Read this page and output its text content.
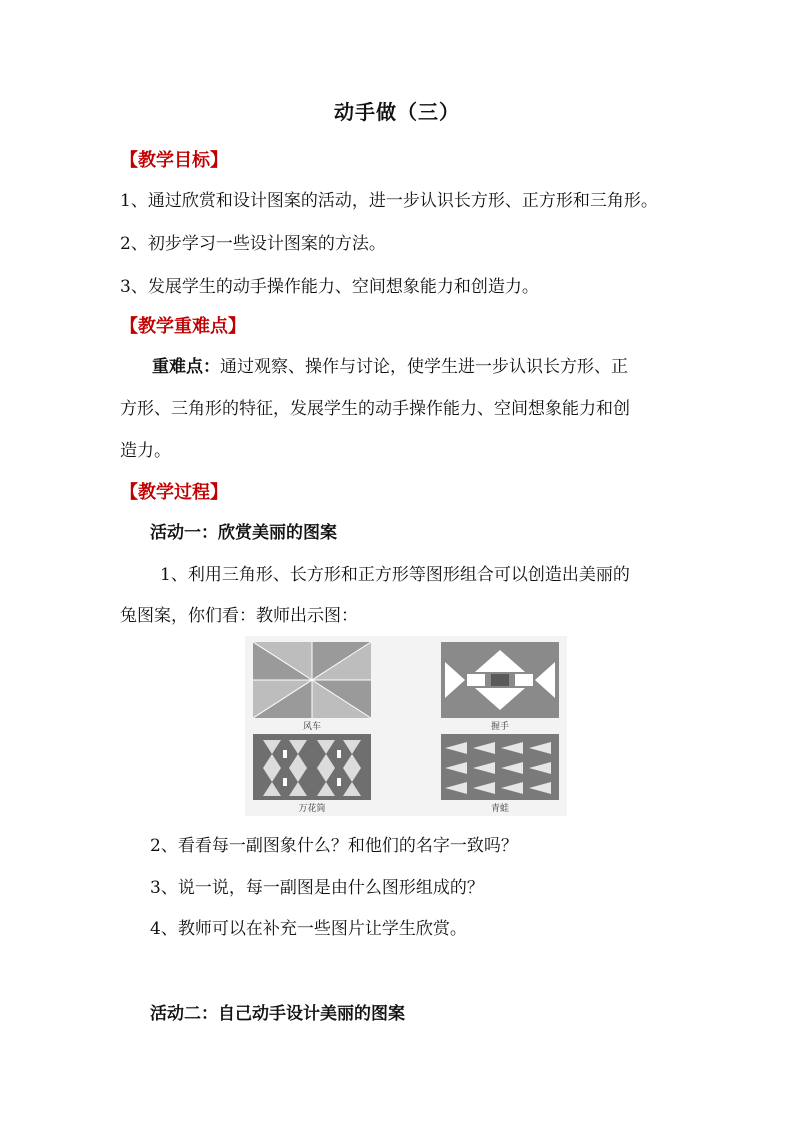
动手做（三）
【教学目标】
1、通过欣赏和设计图案的活动，进一步认识长方形、正方形和三角形。
2、初步学习一些设计图案的方法。
3、发展学生的动手操作能力、空间想象能力和创造力。
【教学重难点】
重难点：通过观察、操作与讨论，使学生进一步认识长方形、正
方形、三角形的特征，发展学生的动手操作能力、空间想象能力和创
造力。
【教学过程】
活动一：欣赏美丽的图案
1、利用三角形、长方形和正方形等图形组合可以创造出美丽的
兔图案，你们看：教师出示图：
风车	握手
万花筒	青蛙
2、看看每一副图象什么？和他们的名字一致吗？
3、说一说，每一副图是由什么图形组成的？
4、教师可以在补充一些图片让学生欣赏。
活动二：自己动手设计美丽的图案
